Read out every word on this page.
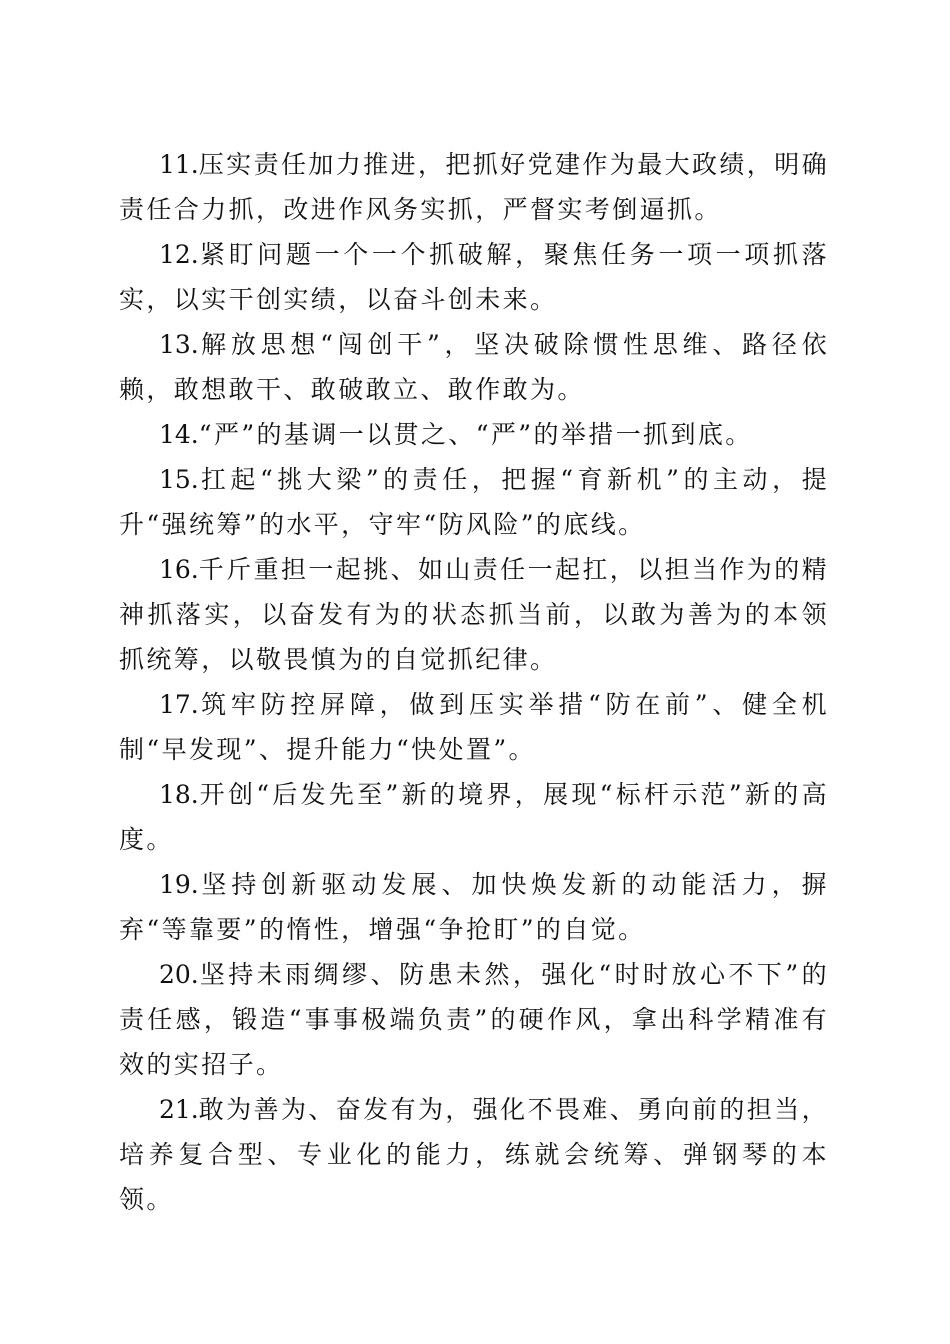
11.压实责任加力推进，把抓好党建作为最大政绩，明确责任合力抓，改进作风务实抓，严督实考倒逼抓。

12.紧盯问题一个一个抓破解，聚焦任务一项一项抓落实，以实干创实绩，以奋斗创未来。

13.解放思想“闯创干”，坚决破除惯性思维、路径依赖，敢想敢干、敢破敢立、敢作敢为。

14.“严”的基调一以贯之、“严”的举措一抓到底。

15.扛起“挑大梁”的责任，把握“育新机”的主动，提升“强统筹”的水平，守牢“防风险”的底线。

16.千斤重担一起挑、如山责任一起扛，以担当作为的精神抓落实，以奋发有为的状态抓当前，以敢为善为的本领抓统筹，以敬畏慎为的自觉抓纪律。

17.筑牢防控屏障，做到压实举措“防在前”、健全机制“早发现”、提升能力“快处置”。

18.开创“后发先至”新的境界，展现“标杆示范”新的高度。

19.坚持创新驱动发展、加快焕发新的动能活力，摒弃“等靠要”的惰性，增强“争抢盯”的自觉。

20.坚持未雨绸缪、防患未然，强化“时时放心不下”的责任感，锻造“事事极端负责”的硬作风，拿出科学精准有效的实招子。

21.敢为善为、奋发有为，强化不畏难、勇向前的担当，培养复合型、专业化的能力，练就会统筹、弹钢琴的本领。
